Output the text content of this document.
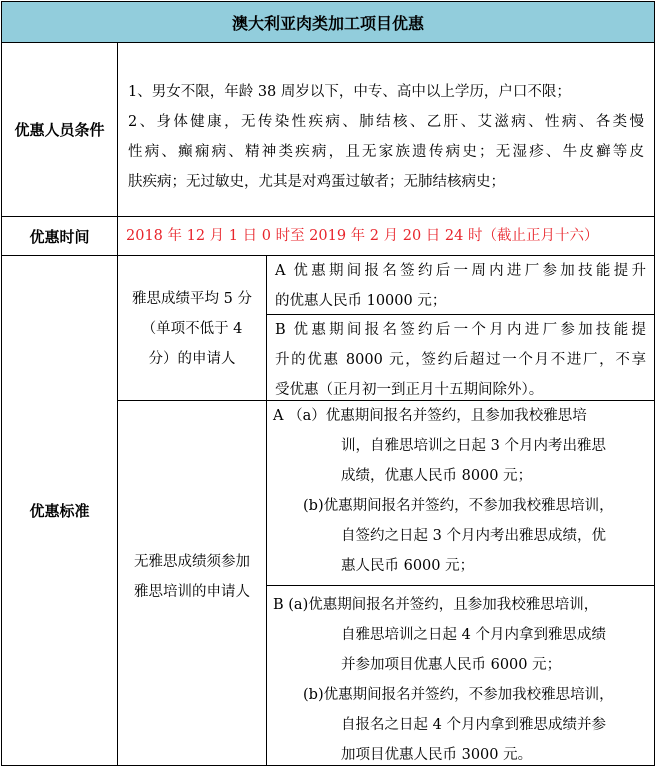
澳大利亚肉类加工项目优惠
优惠人员条件
1、男女不限，年龄 38 周岁以下，中专、高中以上学历，户口不限；
2、身体健康，无传染性疾病、肺结核、乙肝、艾滋病、性病、各类慢
性病、癫痫病、精神类疾病，且无家族遗传病史；无湿疹、牛皮癣等皮
肤疾病；无过敏史，尤其是对鸡蛋过敏者；无肺结核病史；
优惠时间	2018 年 12 月 1 日 0 时至 2019 年 2 月 20 日 24 时（截止正月十六）
优惠标准
雅思成绩平均 5 分
（单项不低于 4
分）的申请人
A 优惠期间报名签约后一周内进厂参加技能提升
的优惠人民币 10000 元；
B 优惠期间报名签约后一个月内进厂参加技能提
升的优惠 8000 元，签约后超过一个月不进厂，不享
受优惠（正月初一到正月十五期间除外）。
无雅思成绩须参加
雅思培训的申请人
A （a）优惠期间报名并签约，且参加我校雅思培
训，自雅思培训之日起 3 个月内考出雅思
成绩，优惠人民币 8000 元；
(b)优惠期间报名并签约，不参加我校雅思培训，
自签约之日起 3 个月内考出雅思成绩，优
惠人民币 6000 元；
B (a)优惠期间报名并签约，且参加我校雅思培训，
自雅思培训之日起 4 个月内拿到雅思成绩
并参加项目优惠人民币 6000 元；
(b)优惠期间报名并签约，不参加我校雅思培训，
自报名之日起 4 个月内拿到雅思成绩并参
加项目优惠人民币 3000 元。
